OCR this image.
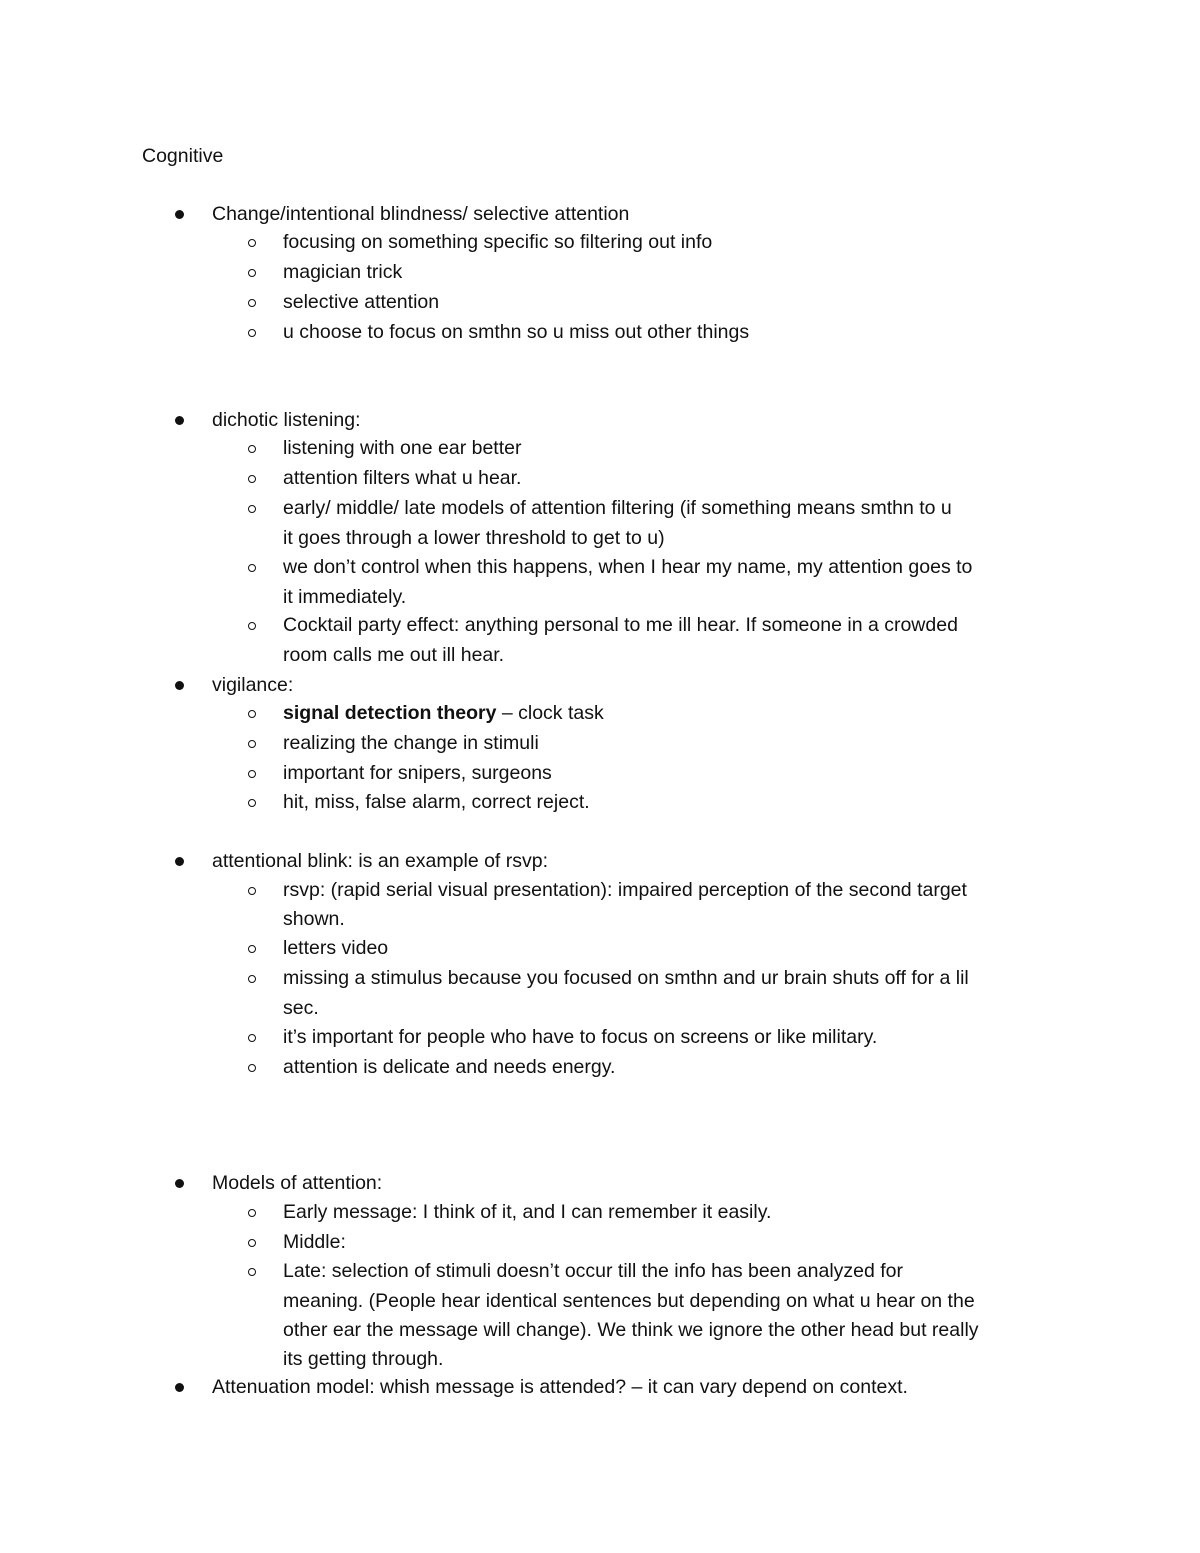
Cognitive
Change/intentional blindness/ selective attention
focusing on something specific so filtering out info
magician trick
selective attention
u choose to focus on smthn so u miss out other things
dichotic listening:
listening with one ear better
attention filters what u hear.
early/ middle/ late models of attention filtering (if something means smthn to u
it goes through a lower threshold to get to u)
we don’t control when this happens, when I hear my name, my attention goes to
it immediately.
Cocktail party effect: anything personal to me ill hear. If someone in a crowded
room calls me out ill hear.
vigilance:
signal detection theory – clock task
realizing the change in stimuli
important for snipers, surgeons
hit, miss, false alarm, correct reject.
attentional blink: is an example of rsvp:
rsvp: (rapid serial visual presentation): impaired perception of the second target
shown.
letters video
missing a stimulus because you focused on smthn and ur brain shuts off for a lil
sec.
it’s important for people who have to focus on screens or like military.
attention is delicate and needs energy.
Models of attention:
Early message: I think of it, and I can remember it easily.
Middle:
Late: selection of stimuli doesn’t occur till the info has been analyzed for
meaning. (People hear identical sentences but depending on what u hear on the
other ear the message will change). We think we ignore the other head but really
its getting through.
Attenuation model: whish message is attended? – it can vary depend on context.
